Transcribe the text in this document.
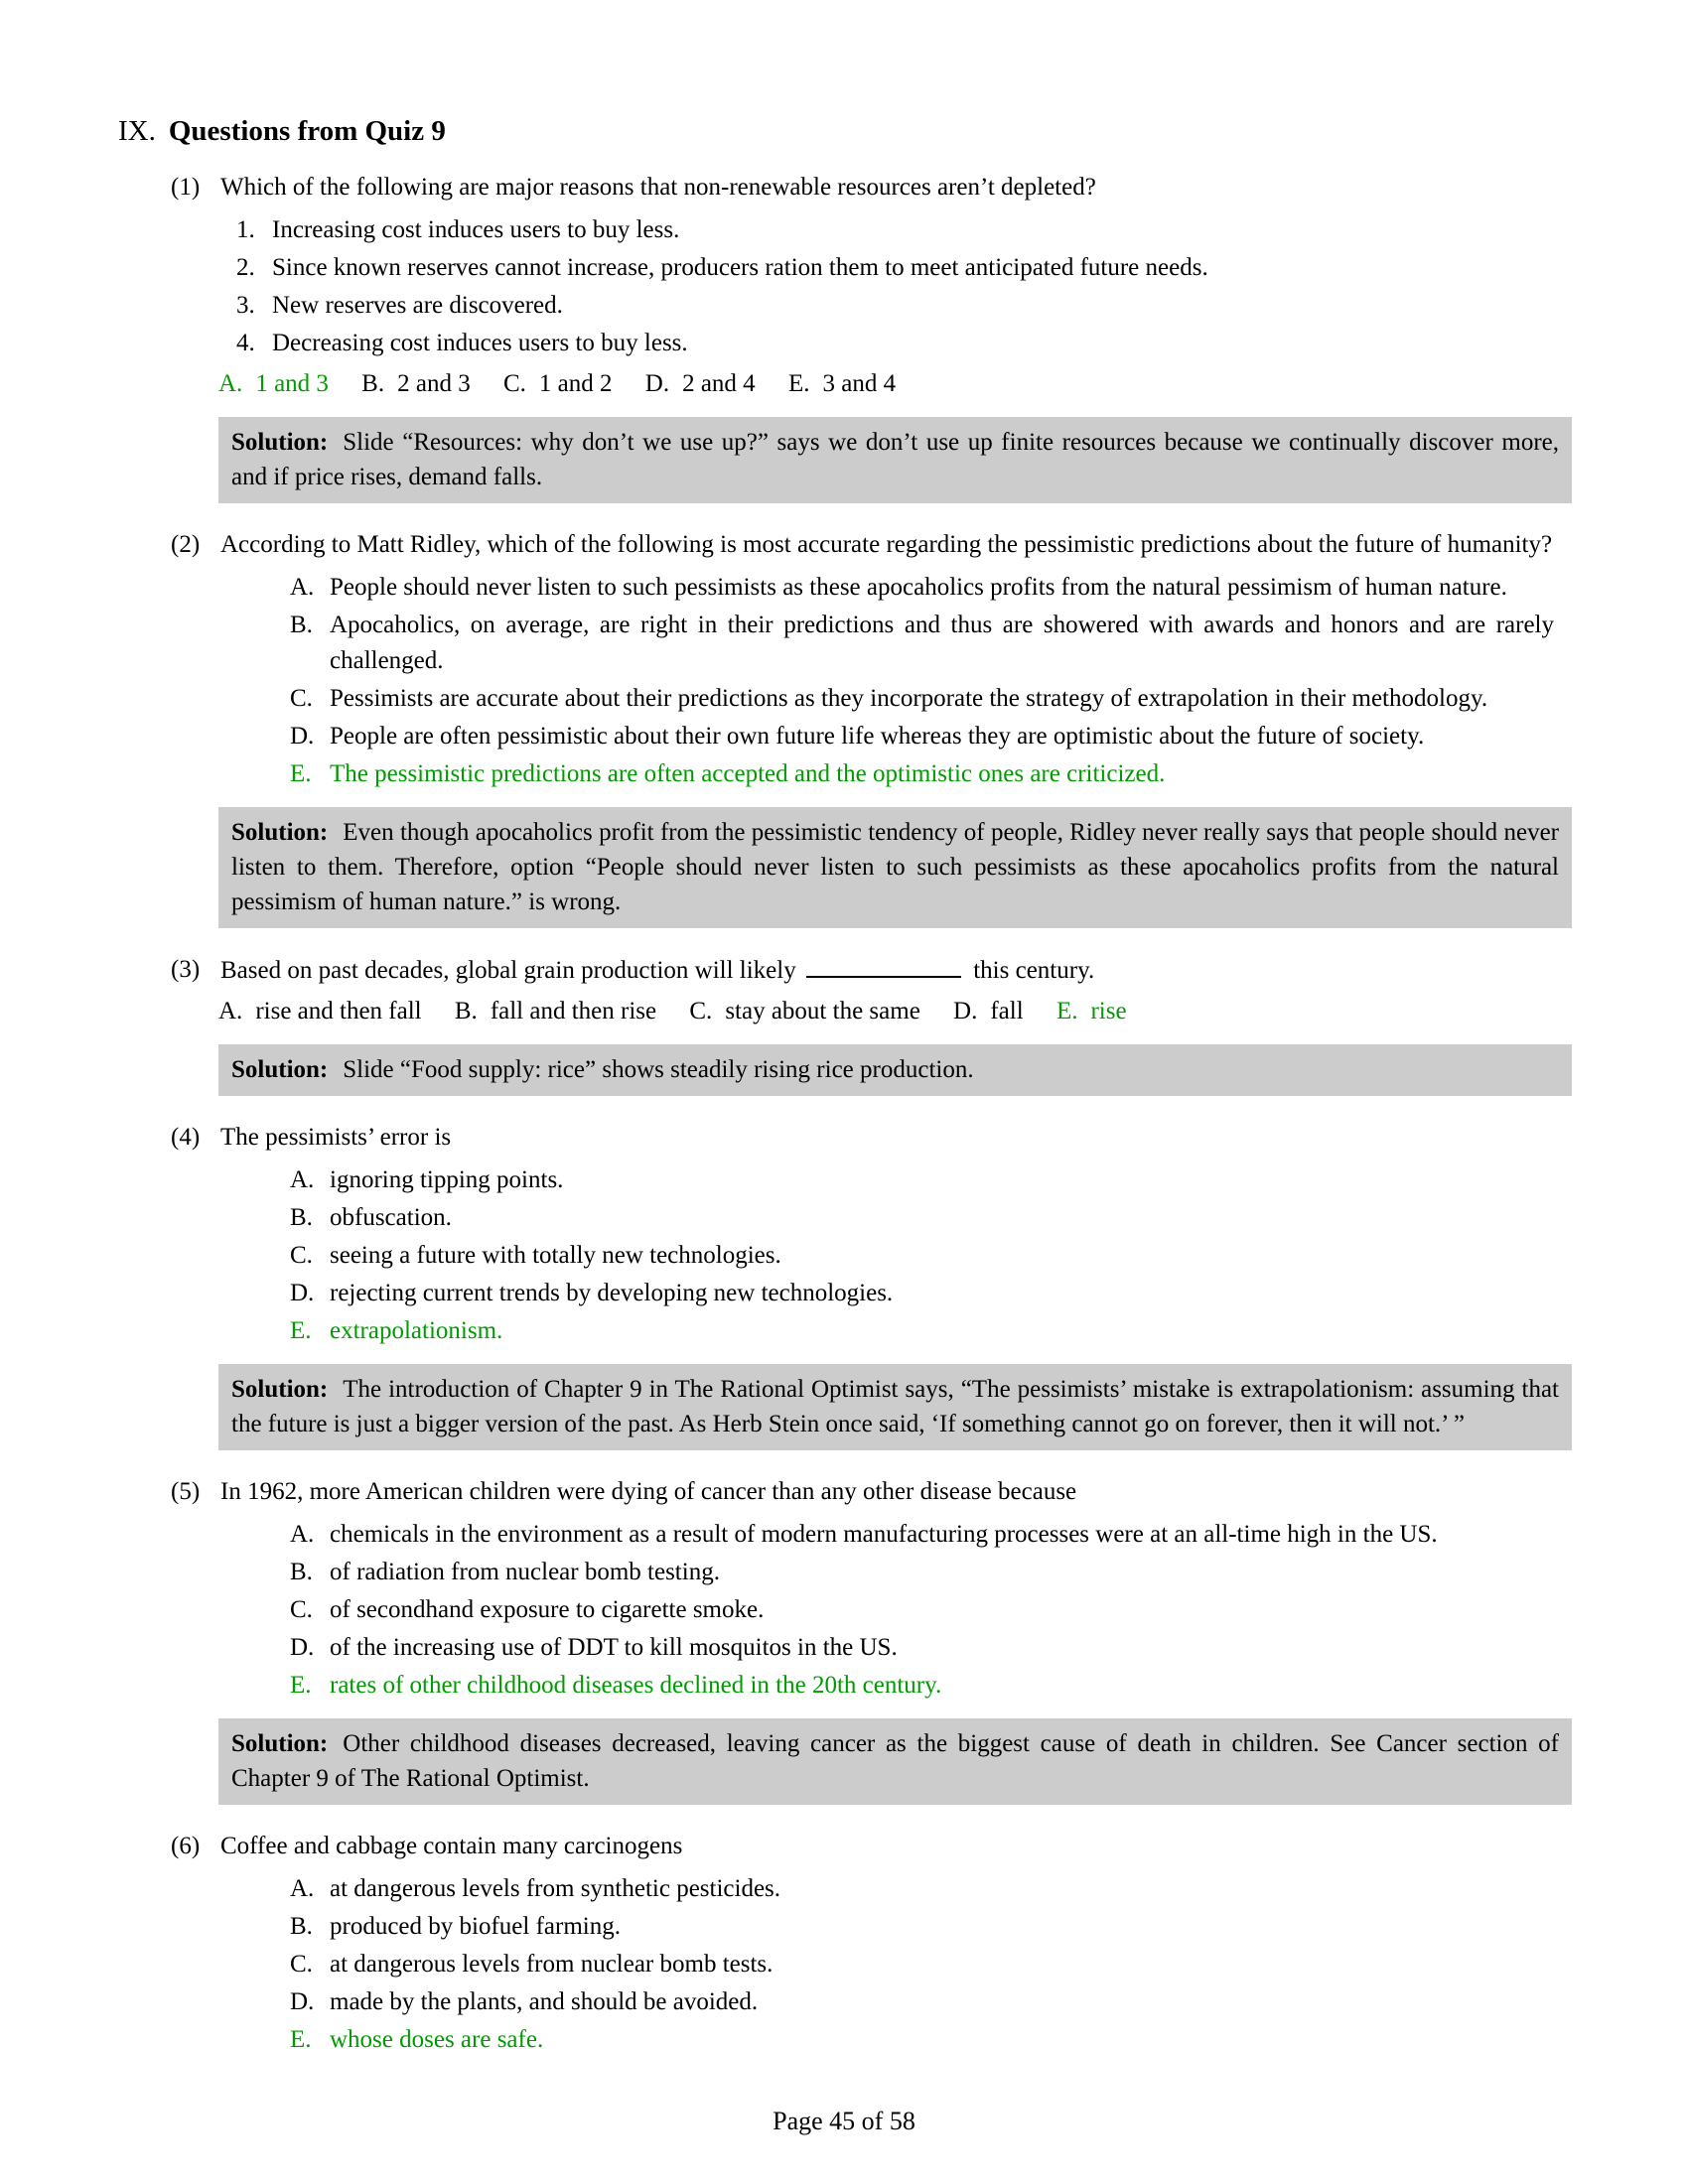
IX. Questions from Quiz 9
(1) Which of the following are major reasons that non-renewable resources aren’t depleted?
1. Increasing cost induces users to buy less.
2. Since known reserves cannot increase, producers ration them to meet anticipated future needs.
3. New reserves are discovered.
4. Decreasing cost induces users to buy less.
A. 1 and 3 B. 2 and 3 C. 1 and 2 D. 2 and 4 E. 3 and 4
Solution: Slide “Resources: why don’t we use up?” says we don’t use up finite resources because we continually discover more, and if price rises, demand falls.
(2) According to Matt Ridley, which of the following is most accurate regarding the pessimistic predictions about the future of humanity?
A. People should never listen to such pessimists as these apocaholics profits from the natural pessimism of human nature.
B. Apocaholics, on average, are right in their predictions and thus are showered with awards and honors and are rarely challenged.
C. Pessimists are accurate about their predictions as they incorporate the strategy of extrapolation in their methodology.
D. People are often pessimistic about their own future life whereas they are optimistic about the future of society.
E. The pessimistic predictions are often accepted and the optimistic ones are criticized.
Solution: Even though apocaholics profit from the pessimistic tendency of people, Ridley never really says that people should never listen to them. Therefore, option “People should never listen to such pessimists as these apocaholics profits from the natural pessimism of human nature.” is wrong.
(3) Based on past decades, global grain production will likely	this century.
A. rise and then fall B. fall and then rise C. stay about the same D. fall E. rise
Solution: Slide “Food supply: rice” shows steadily rising rice production.
(4) The pessimists’ error is
A. ignoring tipping points.
B. obfuscation.
C. seeing a future with totally new technologies.
D. rejecting current trends by developing new technologies.
E. extrapolationism.
Solution: The introduction of Chapter 9 in The Rational Optimist says, “The pessimists’ mistake is extrapolationism: assuming that the future is just a bigger version of the past. As Herb Stein once said, ‘If something cannot go on forever, then it will not.’ ”
(5) In 1962, more American children were dying of cancer than any other disease because
A. chemicals in the environment as a result of modern manufacturing processes were at an all-time high in the US.
B. of radiation from nuclear bomb testing.
C. of secondhand exposure to cigarette smoke.
D. of the increasing use of DDT to kill mosquitos in the US.
E. rates of other childhood diseases declined in the 20th century.
Solution: Other childhood diseases decreased, leaving cancer as the biggest cause of death in children. See Cancer section of Chapter 9 of The Rational Optimist.
(6) Coffee and cabbage contain many carcinogens
A. at dangerous levels from synthetic pesticides.
B. produced by biofuel farming.
C. at dangerous levels from nuclear bomb tests.
D. made by the plants, and should be avoided.
E. whose doses are safe.
Page 45 of 58
